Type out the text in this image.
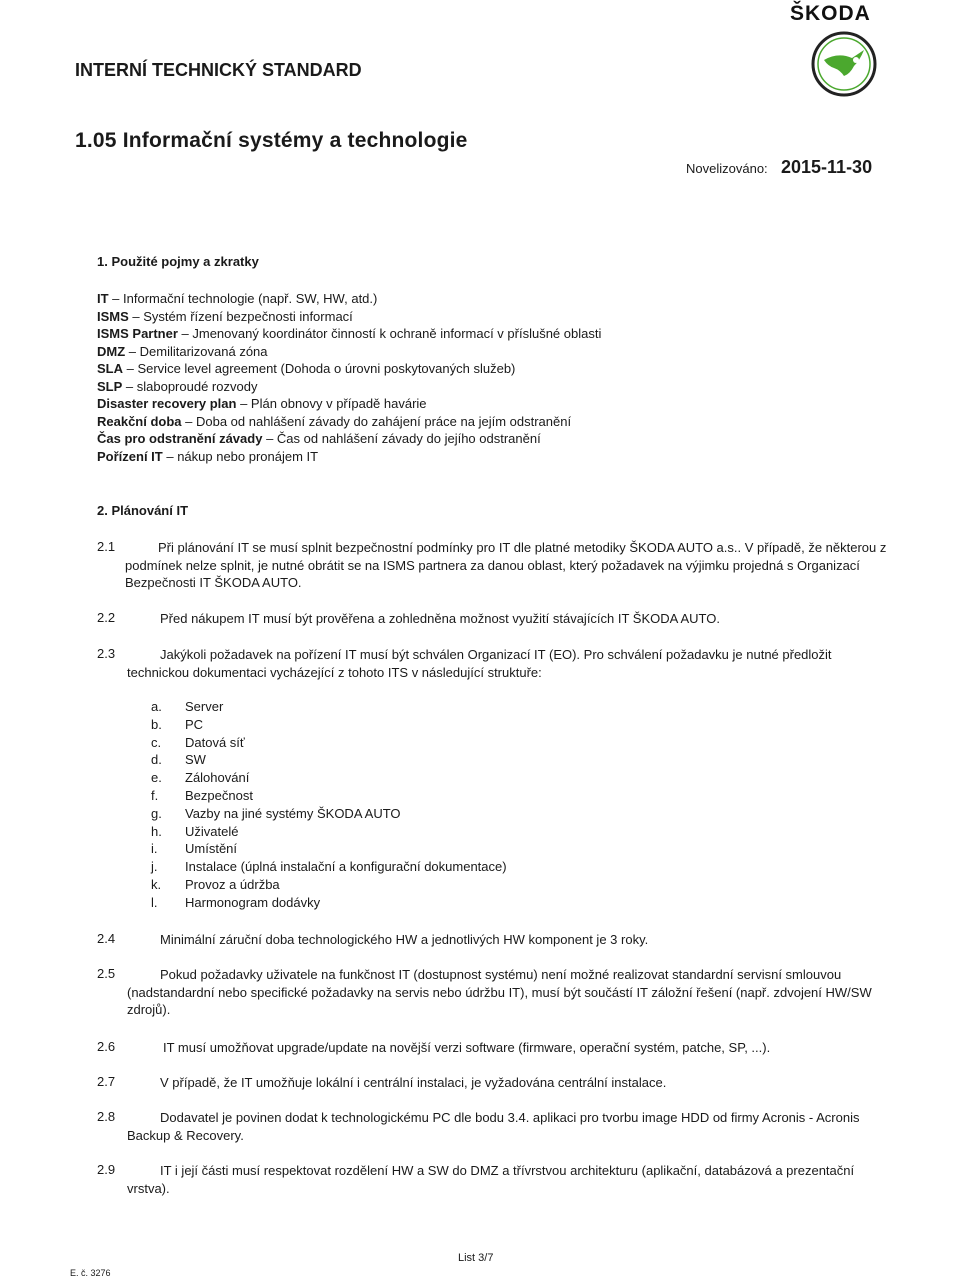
ŠKODA
INTERNÍ TECHNICKÝ STANDARD
1.05 Informační systémy a technologie
Novelizováno: 2015-11-30
1. Použité pojmy a zkratky
IT – Informační technologie (např. SW, HW, atd.)
ISMS – Systém řízení bezpečnosti informací
ISMS Partner – Jmenovaný koordinátor činností k ochraně informací v příslušné oblasti
DMZ – Demilitarizovaná zóna
SLA – Service level agreement (Dohoda o úrovni poskytovaných služeb)
SLP – slaboproudé rozvody
Disaster recovery plan – Plán obnovy v případě havárie
Reakční doba – Doba od nahlášení závady do zahájení práce na jejím odstranění
Čas pro odstranění závady – Čas od nahlášení závady do jejího odstranění
Pořízení IT – nákup nebo pronájem IT
2. Plánování IT
2.1	Při plánování IT se musí splnit bezpečnostní podmínky pro IT dle platné metodiky ŠKODA AUTO a.s.. V případě, že některou z podmínek nelze splnit, je nutné obrátit se na ISMS partnera za danou oblast, který požadavek na výjimku projedná s Organizací Bezpečnosti IT ŠKODA AUTO.
2.2	Před nákupem IT musí být prověřena a zohledněna možnost využití stávajících IT ŠKODA AUTO.
2.3	Jakýkoli požadavek na pořízení IT musí být schválen Organizací IT (EO). Pro schválení požadavku je nutné předložit technickou dokumentaci vycházející z tohoto ITS v následující struktuře:
a. Server
b. PC
c. Datová síť
d. SW
e. Zálohování
f. Bezpečnost
g. Vazby na jiné systémy ŠKODA AUTO
h. Uživatelé
i. Umístění
j. Instalace (úplná instalační a konfigurační dokumentace)
k. Provoz a údržba
l. Harmonogram dodávky
2.4	Minimální záruční doba technologického HW a jednotlivých HW komponent je 3 roky.
2.5	Pokud požadavky uživatele na funkčnost IT (dostupnost systému) není možné realizovat standardní servisní smlouvou (nadstandardní nebo specifické požadavky na servis nebo údržbu IT), musí být součástí IT záložní řešení (např. zdvojení HW/SW zdrojů).
2.6	IT musí umožňovat upgrade/update na novější verzi software (firmware, operační systém, patche, SP, ...).
2.7	V případě, že IT umožňuje lokální i centrální instalaci, je vyžadována centrální instalace.
2.8	Dodavatel je povinen dodat k technologickému PC dle bodu 3.4. aplikaci pro tvorbu image HDD od firmy Acronis - Acronis Backup & Recovery.
2.9	IT i její části musí respektovat rozdělení HW a SW do DMZ a třívrstvou architekturu (aplikační, databázová a prezentační vrstva).
List 3/7
E. č. 3276
